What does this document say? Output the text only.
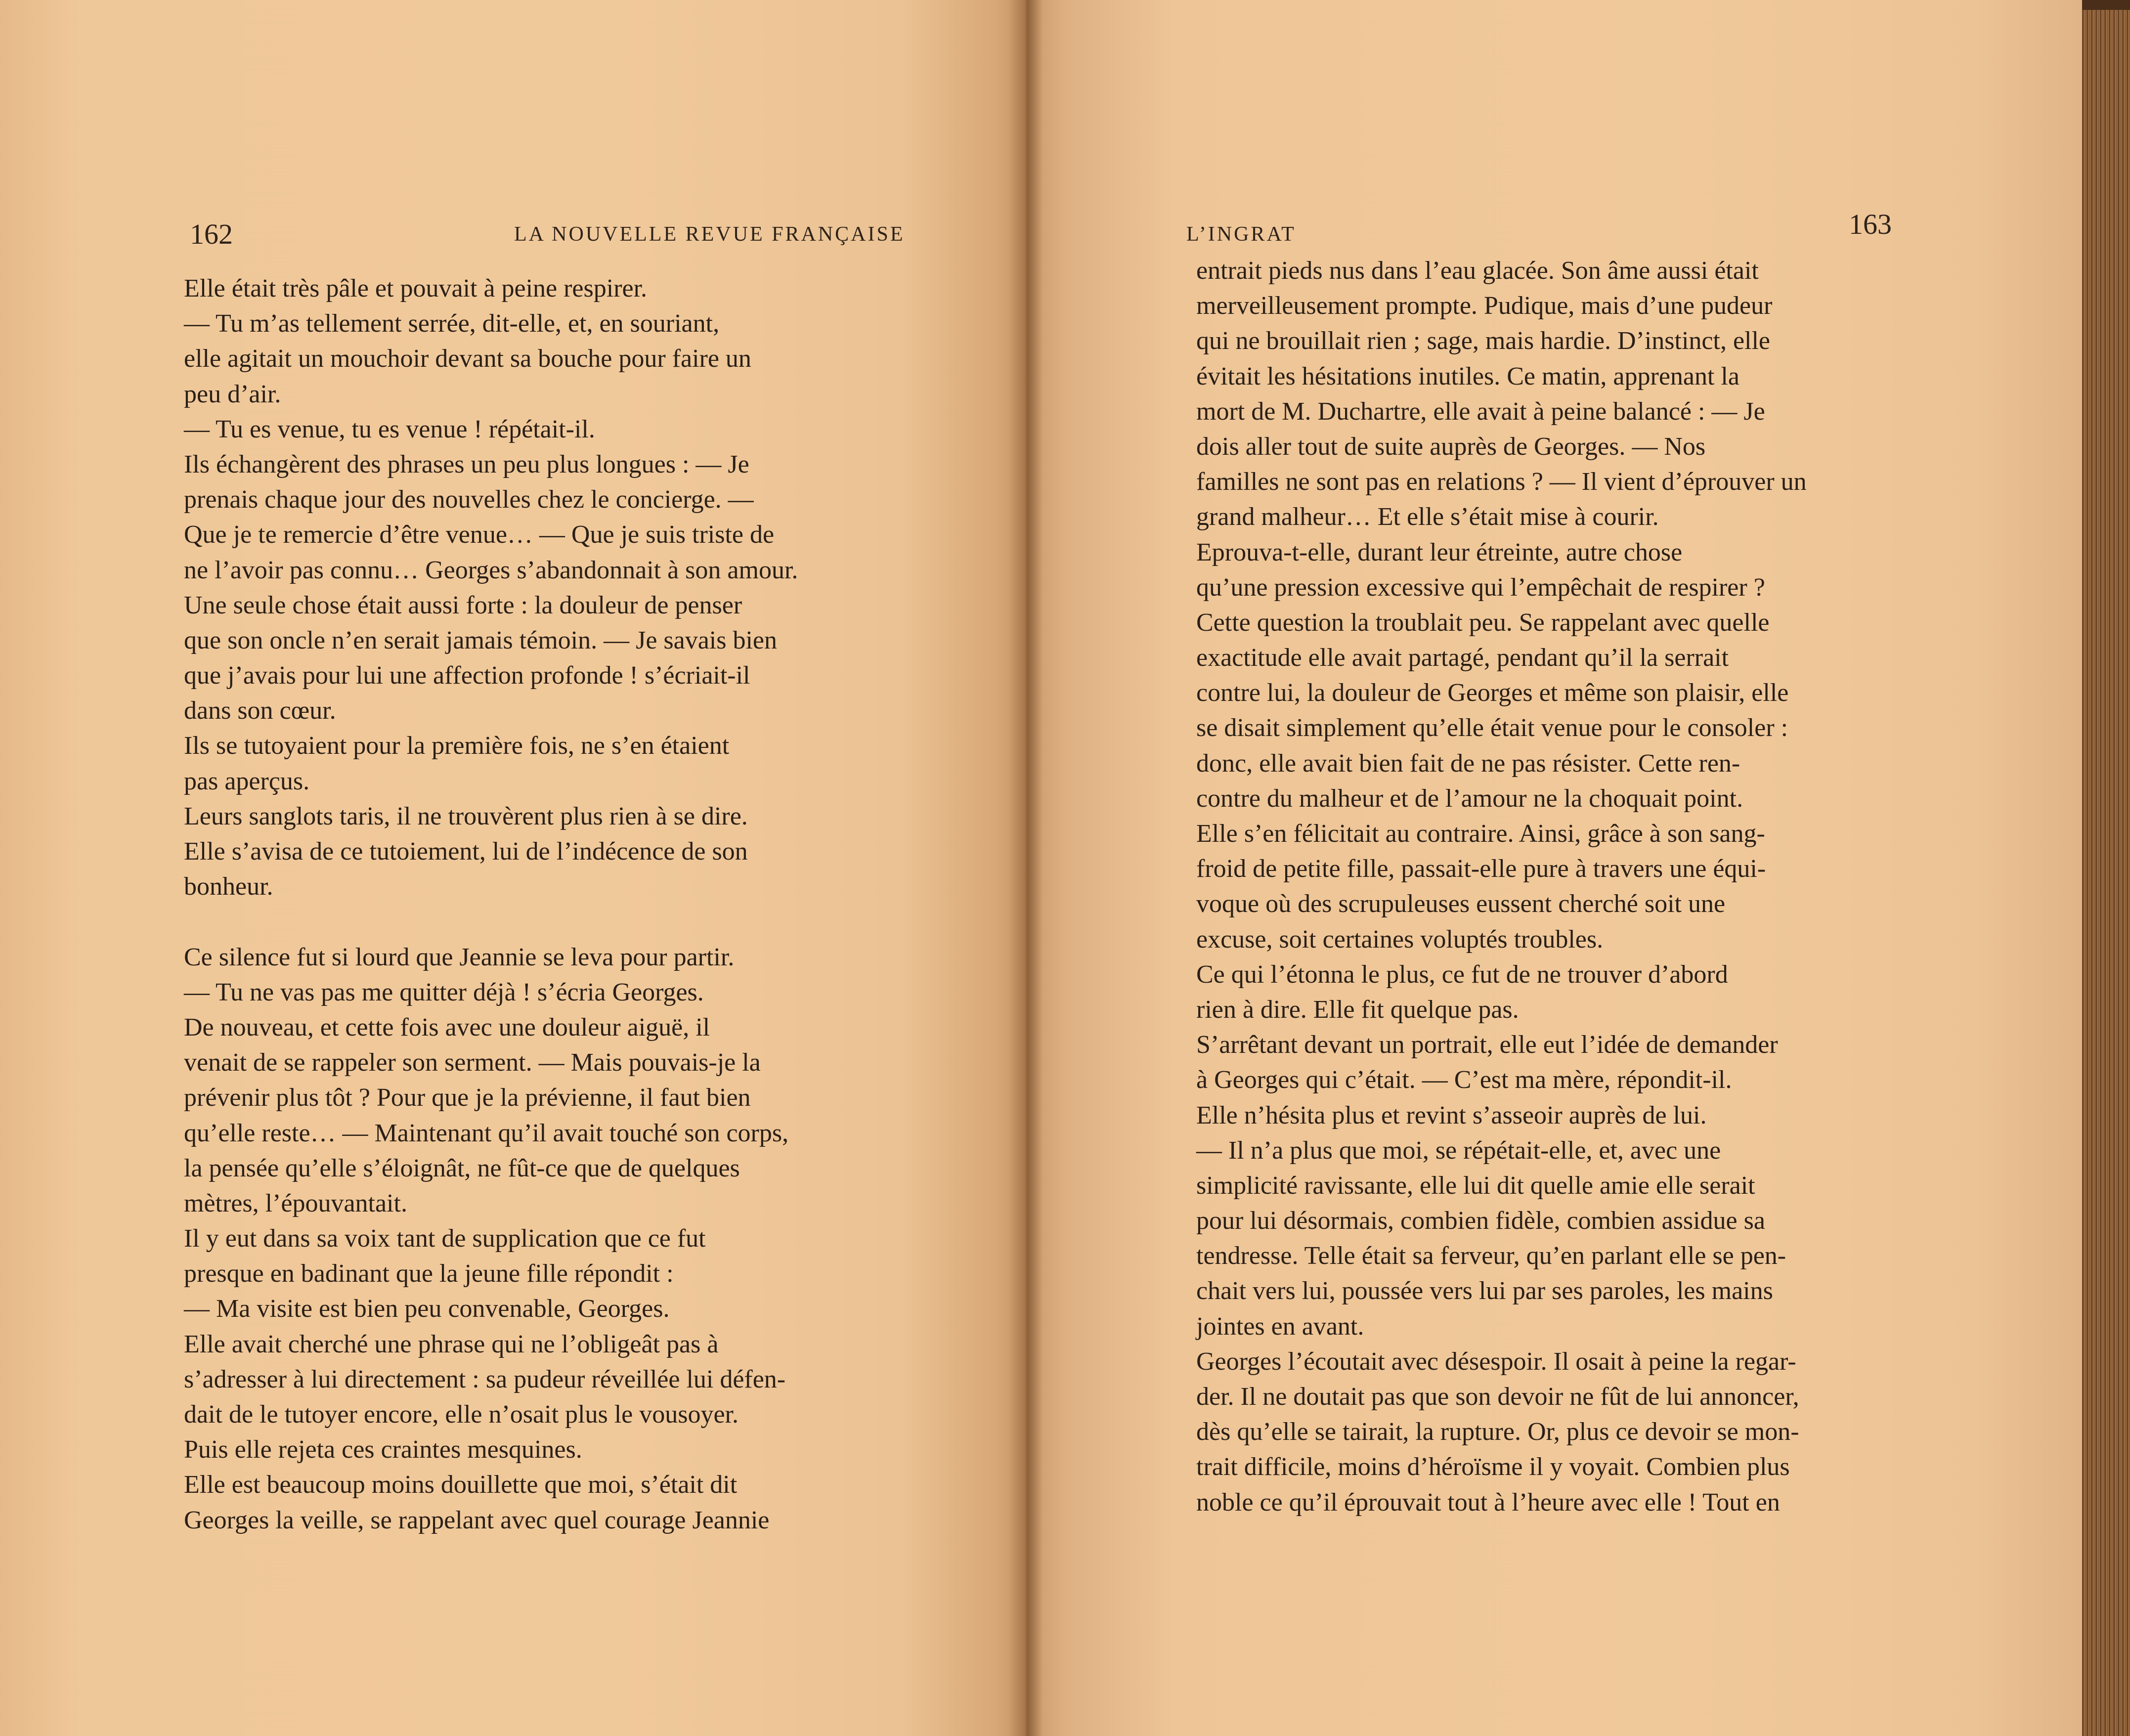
162	LA NOUVELLE REVUE FRANÇAISE
Elle était très pâle et pouvait à peine respirer.
— Tu m’as tellement serrée, dit-elle, et, en souriant,
elle agitait un mouchoir devant sa bouche pour faire un
peu d’air.
— Tu es venue, tu es venue ! répétait-il.
Ils échangèrent des phrases un peu plus longues : — Je
prenais chaque jour des nouvelles chez le concierge. —
Que je te remercie d’être venue… — Que je suis triste de
ne l’avoir pas connu… Georges s’abandonnait à son amour.
Une seule chose était aussi forte : la douleur de penser
que son oncle n’en serait jamais témoin. — Je savais bien
que j’avais pour lui une affection profonde ! s’écriait-il
dans son cœur.
Ils se tutoyaient pour la première fois, ne s’en étaient
pas aperçus.
Leurs sanglots taris, il ne trouvèrent plus rien à se dire.
Elle s’avisa de ce tutoiement, lui de l’indécence de son
bonheur.
Ce silence fut si lourd que Jeannie se leva pour partir.
— Tu ne vas pas me quitter déjà ! s’écria Georges.
De nouveau, et cette fois avec une douleur aiguë, il
venait de se rappeler son serment. — Mais pouvais-je la
prévenir plus tôt ? Pour que je la prévienne, il faut bien
qu’elle reste… — Maintenant qu’il avait touché son corps,
la pensée qu’elle s’éloignât, ne fût-ce que de quelques
mètres, l’épouvantait.
Il y eut dans sa voix tant de supplication que ce fut
presque en badinant que la jeune fille répondit :
— Ma visite est bien peu convenable, Georges.
Elle avait cherché une phrase qui ne l’obligeât pas à
s’adresser à lui directement : sa pudeur réveillée lui défen-
dait de le tutoyer encore, elle n’osait plus le vousoyer.
Puis elle rejeta ces craintes mesquines.
Elle est beaucoup moins douillette que moi, s’était dit
Georges la veille, se rappelant avec quel courage Jeannie
L’INGRAT	163
entrait pieds nus dans l’eau glacée. Son âme aussi était
merveilleusement prompte. Pudique, mais d’une pudeur
qui ne brouillait rien ; sage, mais hardie. D’instinct, elle
évitait les hésitations inutiles. Ce matin, apprenant la
mort de M. Duchartre, elle avait à peine balancé : — Je
dois aller tout de suite auprès de Georges. — Nos
familles ne sont pas en relations ? — Il vient d’éprouver un
grand malheur… Et elle s’était mise à courir.
Eprouva-t-elle, durant leur étreinte, autre chose
qu’une pression excessive qui l’empêchait de respirer ?
Cette question la troublait peu. Se rappelant avec quelle
exactitude elle avait partagé, pendant qu’il la serrait
contre lui, la douleur de Georges et même son plaisir, elle
se disait simplement qu’elle était venue pour le consoler :
donc, elle avait bien fait de ne pas résister. Cette ren-
contre du malheur et de l’amour ne la choquait point.
Elle s’en félicitait au contraire. Ainsi, grâce à son sang-
froid de petite fille, passait-elle pure à travers une équi-
voque où des scrupuleuses eussent cherché soit une
excuse, soit certaines voluptés troubles.
Ce qui l’étonna le plus, ce fut de ne trouver d’abord
rien à dire. Elle fit quelque pas.
S’arrêtant devant un portrait, elle eut l’idée de demander
à Georges qui c’était. — C’est ma mère, répondit-il.
Elle n’hésita plus et revint s’asseoir auprès de lui.
— Il n’a plus que moi, se répétait-elle, et, avec une
simplicité ravissante, elle lui dit quelle amie elle serait
pour lui désormais, combien fidèle, combien assidue sa
tendresse. Telle était sa ferveur, qu’en parlant elle se pen-
chait vers lui, poussée vers lui par ses paroles, les mains
jointes en avant.
Georges l’écoutait avec désespoir. Il osait à peine la regar-
der. Il ne doutait pas que son devoir ne fût de lui annoncer,
dès qu’elle se tairait, la rupture. Or, plus ce devoir se mon-
trait difficile, moins d’héroïsme il y voyait. Combien plus
noble ce qu’il éprouvait tout à l’heure avec elle ! Tout en
